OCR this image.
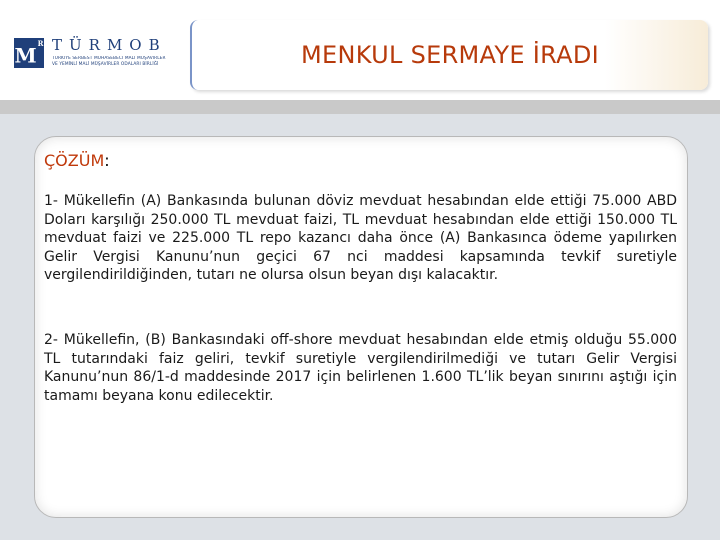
$M^R$ TÜRMOB
TÜRKİYE SERBEST MUHASEBECİ MALİ MÜŞAVİRLER
VE YEMİNLİ MALİ MÜŞAVİRLER ODALARI BİRLİĞİ	MENKUL SERMAYE İRADI
ÇÖZÜM:

1- Mükellefin (A) Bankasında bulunan döviz mevduat hesabından elde ettiği 75.000 ABD Doları karşılığı 250.000 TL mevduat faizi, TL mevduat hesabından elde ettiği 150.000 TL mevduat faizi ve 225.000 TL repo kazancı daha önce (A) Bankasınca ödeme yapılırken Gelir Vergisi Kanunu’nun geçici 67 nci maddesi kapsamında tevkif suretiyle vergilendirildiğinden, tutarı ne olursa olsun beyan dışı kalacaktır.

2- Mükellefin, (B) Bankasındaki off-shore mevduat hesabından elde etmiş olduğu 55.000 TL tutarındaki faiz geliri, tevkif suretiyle vergilendirilmediği ve tutarı Gelir Vergisi Kanunu’nun 86/1-d maddesinde 2017 için belirlenen 1.600 TL’lik beyan sınırını aştığı için tamamı beyana konu edilecektir.
